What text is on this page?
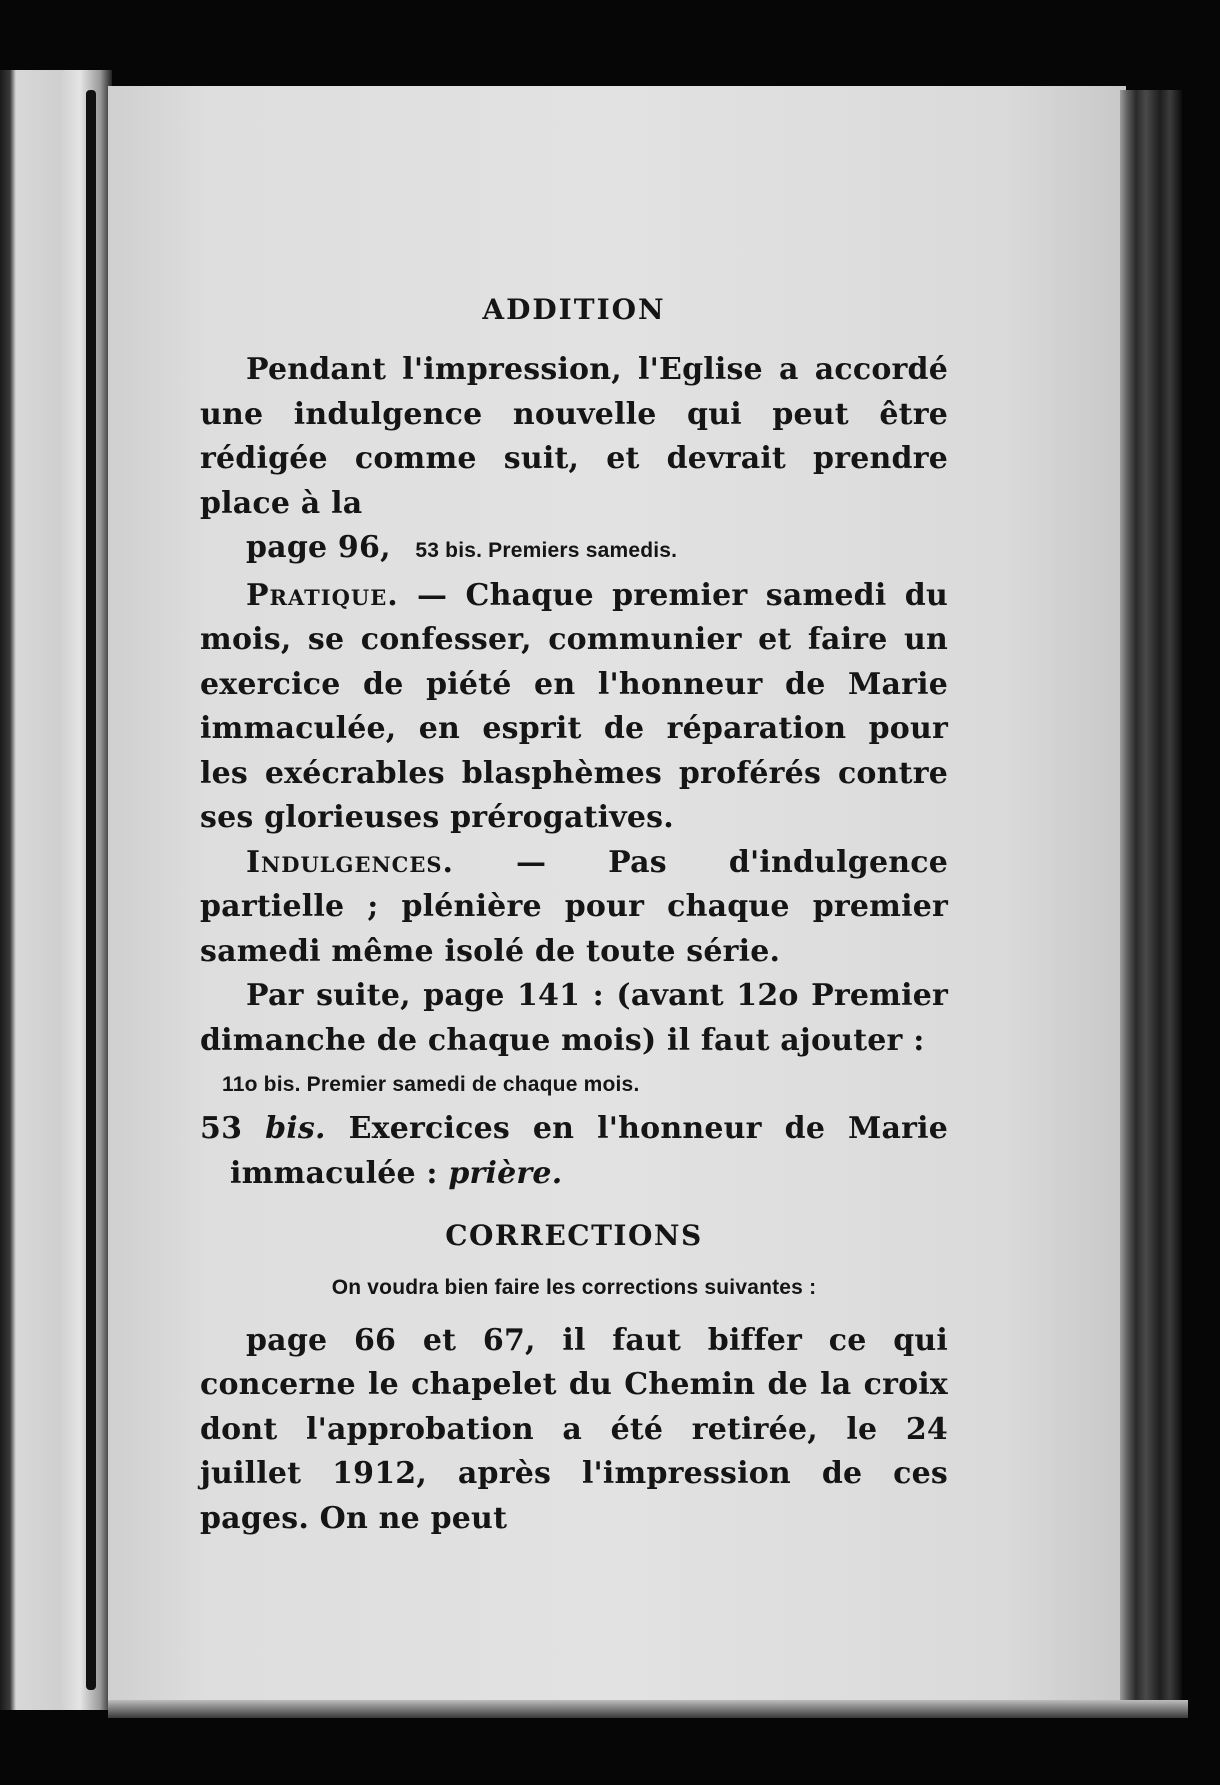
ADDITION

Pendant l'impression, l'Eglise a accordé une indulgence nouvelle qui peut être rédigée comme suit, et devrait prendre place à la

page 96, 53 bis. Premiers samedis.

Pratique. — Chaque premier samedi du mois, se confesser, communier et faire un exercice de piété en l'honneur de Marie immaculée, en esprit de réparation pour les exécrables blasphèmes proférés contre ses glorieuses prérogatives.

Indulgences. — Pas d'indulgence partielle ; plénière pour chaque premier samedi même isolé de toute série.

Par suite, page 141 : (avant 12o Premier dimanche de chaque mois) il faut ajouter :

11o bis. Premier samedi de chaque mois.

53 bis. Exercices en l'honneur de Marie immaculée : prière.

CORRECTIONS

On voudra bien faire les corrections suivantes :

page 66 et 67, il faut biffer ce qui concerne le chapelet du Chemin de la croix dont l'approbation a été retirée, le 24 juillet 1912, après l'impression de ces pages. On ne peut
